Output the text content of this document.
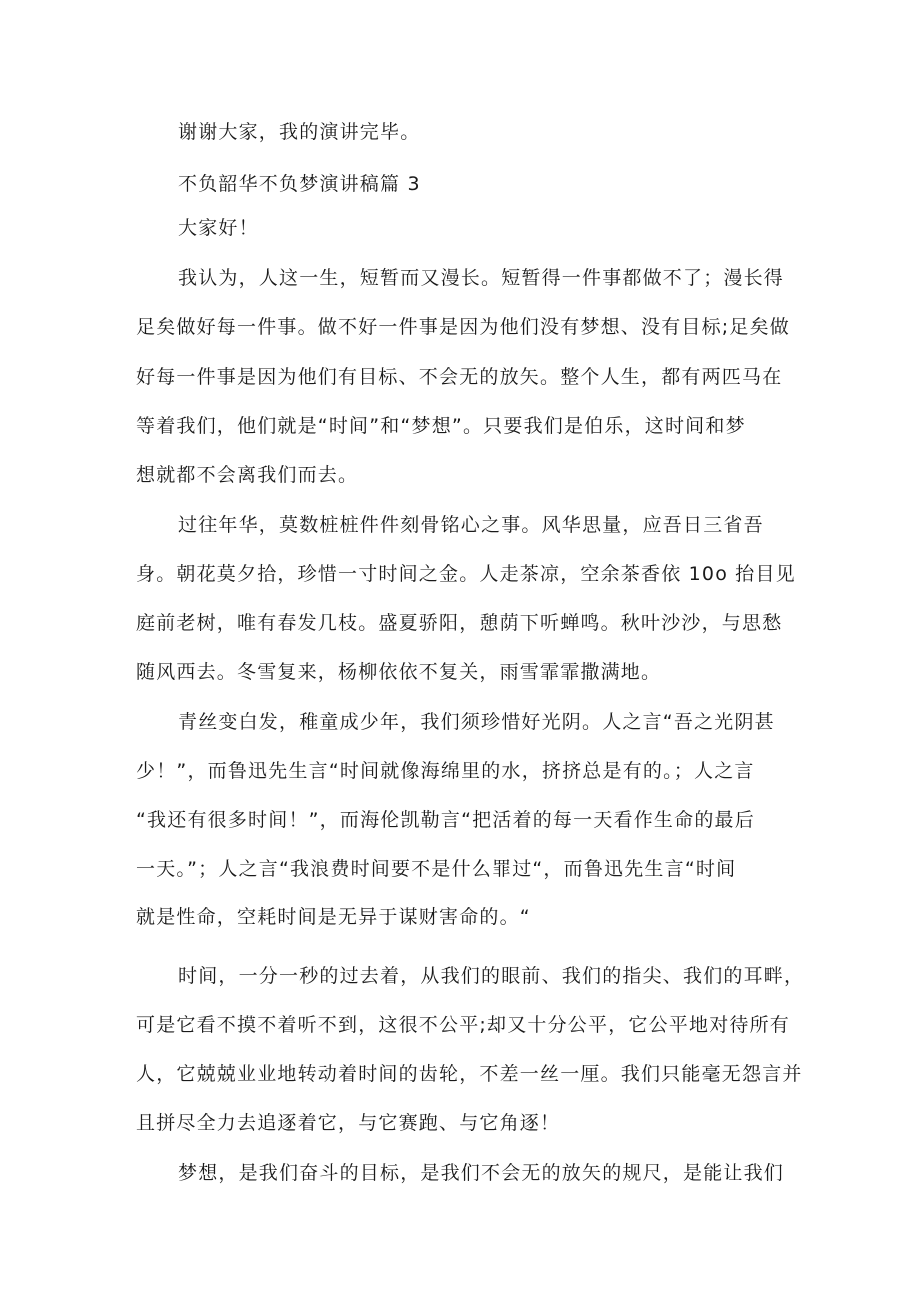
谢谢大家，我的演讲完毕。

不负韶华不负梦演讲稿篇 3

大家好！

我认为，人这一生，短暂而又漫长。短暂得一件事都做不了；漫长得

足矣做好每一件事。做不好一件事是因为他们没有梦想、没有目标;足矣做

好每一件事是因为他们有目标、不会无的放矢。整个人生，都有两匹马在

等着我们，他们就是“时间”和“梦想”。只要我们是伯乐，这时间和梦

想就都不会离我们而去。

过往年华，莫数桩桩件件刻骨铭心之事。风华思量，应吾日三省吾

身。朝花莫夕拾，珍惜一寸时间之金。人走茶凉，空余茶香依 10o 抬目见

庭前老树，唯有春发几枝。盛夏骄阳，憩荫下听蝉鸣。秋叶沙沙，与思愁

随风西去。冬雪复来，杨柳依依不复关，雨雪霏霏撒满地。

青丝变白发，稚童成少年，我们须珍惜好光阴。人之言“吾之光阴甚

少！”，而鲁迅先生言“时间就像海绵里的水，挤挤总是有的。；人之言

“我还有很多时间！”，而海伦凯勒言“把活着的每一天看作生命的最后

一天。”；人之言“我浪费时间要不是什么罪过“，而鲁迅先生言“时间

就是性命，空耗时间是无异于谋财害命的。“

时间，一分一秒的过去着，从我们的眼前、我们的指尖、我们的耳畔，

可是它看不摸不着听不到，这很不公平;却又十分公平，它公平地对待所有

人，它兢兢业业地转动着时间的齿轮，不差一丝一厘。我们只能毫无怨言并

且拼尽全力去追逐着它，与它赛跑、与它角逐！

梦想，是我们奋斗的目标，是我们不会无的放矢的规尺，是能让我们
